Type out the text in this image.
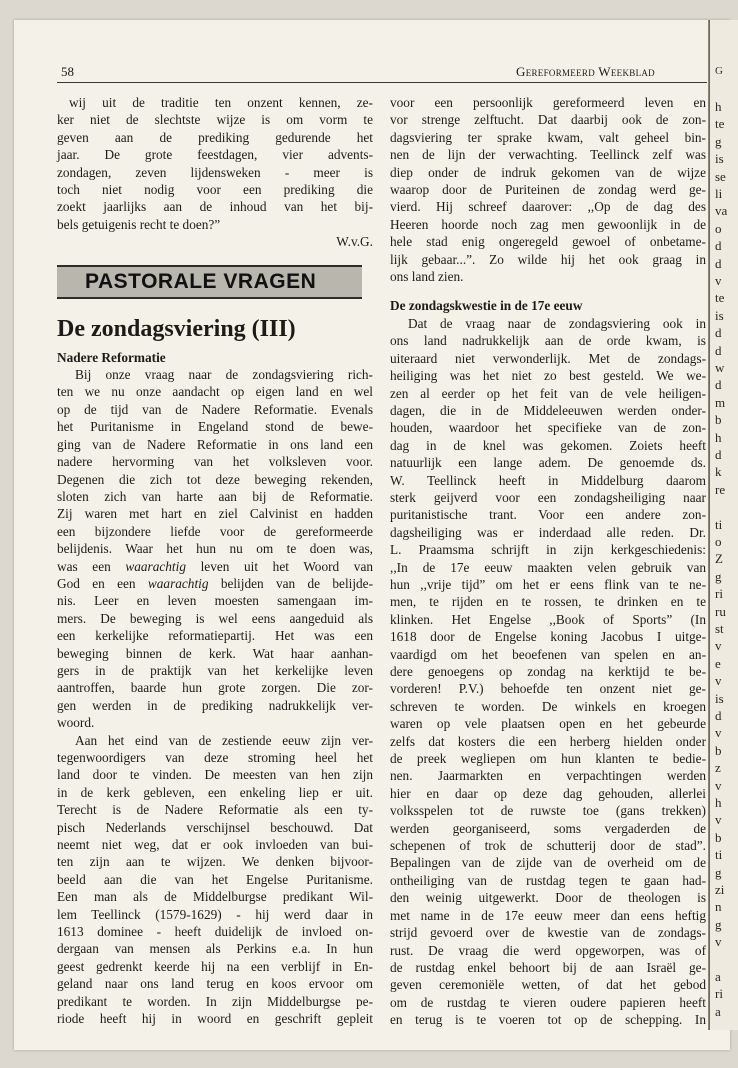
G
h
te
g
is
se
li
va
o
d
d
v
te
is
d
d
w
d
m
b
h
d
k
re
ti
o
Z
g
ri
ru
st
v
e
v
is
d
v
b
z
v
h
v
b
ti
g
zi
n
g
v
a
ri
a
58	Gereformeerd Weekblad
wij uit de traditie ten onzent kennen, ze-
ker niet de slechtste wijze is om vorm te
geven aan de prediking gedurende het
jaar. De grote feestdagen, vier advents-
zondagen, zeven lijdensweken - meer is
toch niet nodig voor een prediking die
zoekt jaarlijks aan de inhoud van het bij-
bels getuigenis recht te doen?”
W.v.G.
PASTORALE VRAGEN
De zondagsviering (III)
Nadere Reformatie
Bij onze vraag naar de zondagsviering rich-
ten we nu onze aandacht op eigen land en wel
op de tijd van de Nadere Reformatie. Evenals
het Puritanisme in Engeland stond de bewe-
ging van de Nadere Reformatie in ons land een
nadere hervorming van het volksleven voor.
Degenen die zich tot deze beweging rekenden,
sloten zich van harte aan bij de Reformatie.
Zij waren met hart en ziel Calvinist en hadden
een bijzondere liefde voor de gereformeerde
belijdenis. Waar het hun nu om te doen was,
was een waarachtig leven uit het Woord van
God en een waarachtig belijden van de belijde-
nis. Leer en leven moesten samengaan im-
mers. De beweging is wel eens aangeduid als
een kerkelijke reformatiepartij. Het was een
beweging binnen de kerk. Wat haar aanhan-
gers in de praktijk van het kerkelijke leven
aantroffen, baarde hun grote zorgen. Die zor-
gen werden in de prediking nadrukkelijk ver-
woord.
Aan het eind van de zestiende eeuw zijn ver-
tegenwoordigers van deze stroming heel het
land door te vinden. De meesten van hen zijn
in de kerk gebleven, een enkeling liep er uit.
Terecht is de Nadere Reformatie als een ty-
pisch Nederlands verschijnsel beschouwd. Dat
neemt niet weg, dat er ook invloeden van bui-
ten zijn aan te wijzen. We denken bijvoor-
beeld aan die van het Engelse Puritanisme.
Een man als de Middelburgse predikant Wil-
lem Teellinck (1579-1629) - hij werd daar in
1613 dominee - heeft duidelijk de invloed on-
dergaan van mensen als Perkins e.a. In hun
geest gedrenkt keerde hij na een verblijf in En-
geland naar ons land terug en koos ervoor om
predikant te worden. In zijn Middelburgse pe-
riode heeft hij in woord en geschrift gepleit
voor een persoonlijk gereformeerd leven en
vor strenge zelftucht. Dat daarbij ook de zon-
dagsviering ter sprake kwam, valt geheel bin-
nen de lijn der verwachting. Teellinck zelf was
diep onder de indruk gekomen van de wijze
waarop door de Puriteinen de zondag werd ge-
vierd. Hij schreef daarover: ,,Op de dag des
Heeren hoorde noch zag men gewoonlijk in de
hele stad enig ongeregeld gewoel of onbetame-
lijk gebaar...”. Zo wilde hij het ook graag in
ons land zien.
De zondagskwestie in de 17e eeuw
Dat de vraag naar de zondagsviering ook in
ons land nadrukkelijk aan de orde kwam, is
uiteraard niet verwonderlijk. Met de zondags-
heiliging was het niet zo best gesteld. We we-
zen al eerder op het feit van de vele heiligen-
dagen, die in de Middeleeuwen werden onder-
houden, waardoor het specifieke van de zon-
dag in de knel was gekomen. Zoiets heeft
natuurlijk een lange adem. De genoemde ds.
W. Teellinck heeft in Middelburg daarom
sterk geijverd voor een zondagsheiliging naar
puritanistische trant. Voor een andere zon-
dagsheiliging was er inderdaad alle reden. Dr.
L. Praamsma schrijft in zijn kerkgeschiedenis:
,,In de 17e eeuw maakten velen gebruik van
hun ,,vrije tijd” om het er eens flink van te ne-
men, te rijden en te rossen, te drinken en te
klinken. Het Engelse ,,Book of Sports” (In
1618 door de Engelse koning Jacobus I uitge-
vaardigd om het beoefenen van spelen en an-
dere genoegens op zondag na kerktijd te be-
vorderen! P.V.) behoefde ten onzent niet ge-
schreven te worden. De winkels en kroegen
waren op vele plaatsen open en het gebeurde
zelfs dat kosters die een herberg hielden onder
de preek wegliepen om hun klanten te bedie-
nen. Jaarmarkten en verpachtingen werden
hier en daar op deze dag gehouden, allerlei
volksspelen tot de ruwste toe (gans trekken)
werden georganiseerd, soms vergaderden de
schepenen of trok de schutterij door de stad”.
Bepalingen van de zijde van de overheid om de
ontheiliging van de rustdag tegen te gaan had-
den weinig uitgewerkt. Door de theologen is
met name in de 17e eeuw meer dan eens heftig
strijd gevoerd over de kwestie van de zondags-
rust. De vraag die werd opgeworpen, was of
de rustdag enkel behoort bij de aan Israël ge-
geven ceremoniële wetten, of dat het gebod
om de rustdag te vieren oudere papieren heeft
en terug is te voeren tot op de schepping. In
